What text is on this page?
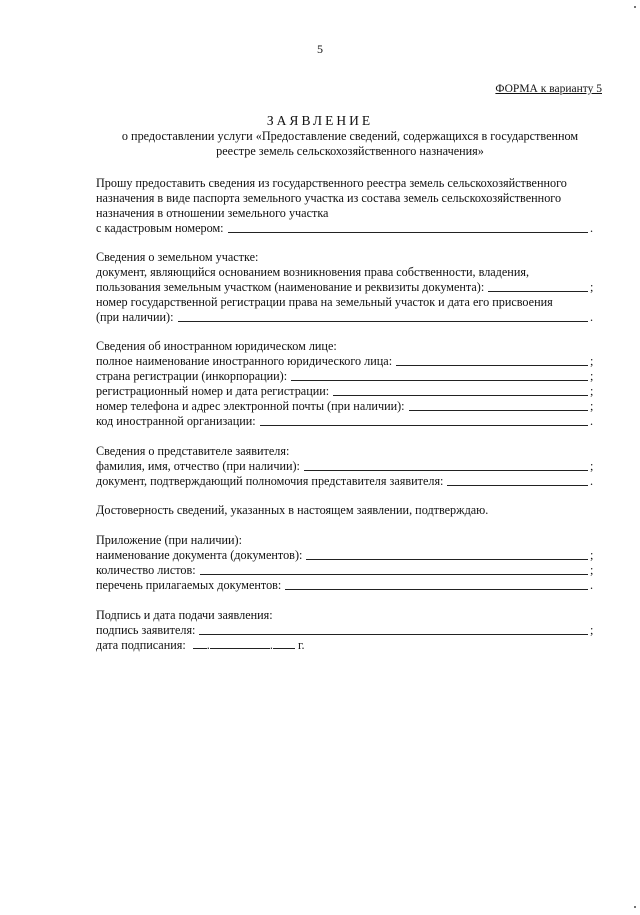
5
ФОРМА к варианту 5
ЗАЯВЛЕНИЕ
о предоставлении услуги «Предоставление сведений, содержащихся в государственном
реестре земель сельскохозяйственного назначения»
Прошу предоставить сведения из государственного реестра земель сельскохозяйственного
назначения в виде паспорта земельного участка из состава земель сельскохозяйственного
назначения в отношении земельного участка
с кадастровым номером:	.
Сведения о земельном участке:
документ, являющийся основанием возникновения права собственности, владения,
пользования земельным участком (наименование и реквизиты документа):	;
номер государственной регистрации права на земельный участок и дата его присвоения
(при наличии):	.
Сведения об иностранном юридическом лице:
полное наименование иностранного юридического лица:	;
страна регистрации (инкорпорации):	;
регистрационный номер и дата регистрации:	;
номер телефона и адрес электронной почты (при наличии):	;
код иностранной организации:	.
Сведения о представителе заявителя:
фамилия, имя, отчество (при наличии):	;
документ, подтверждающий полномочия представителя заявителя:	.
Достоверность сведений, указанных в настоящем заявлении, подтверждаю.
Приложение (при наличии):
наименование документа (документов):	;
количество листов:	;
перечень прилагаемых документов:	.
Подпись и дата подачи заявления:
подпись заявителя:	;
дата подписания: .	. г.
